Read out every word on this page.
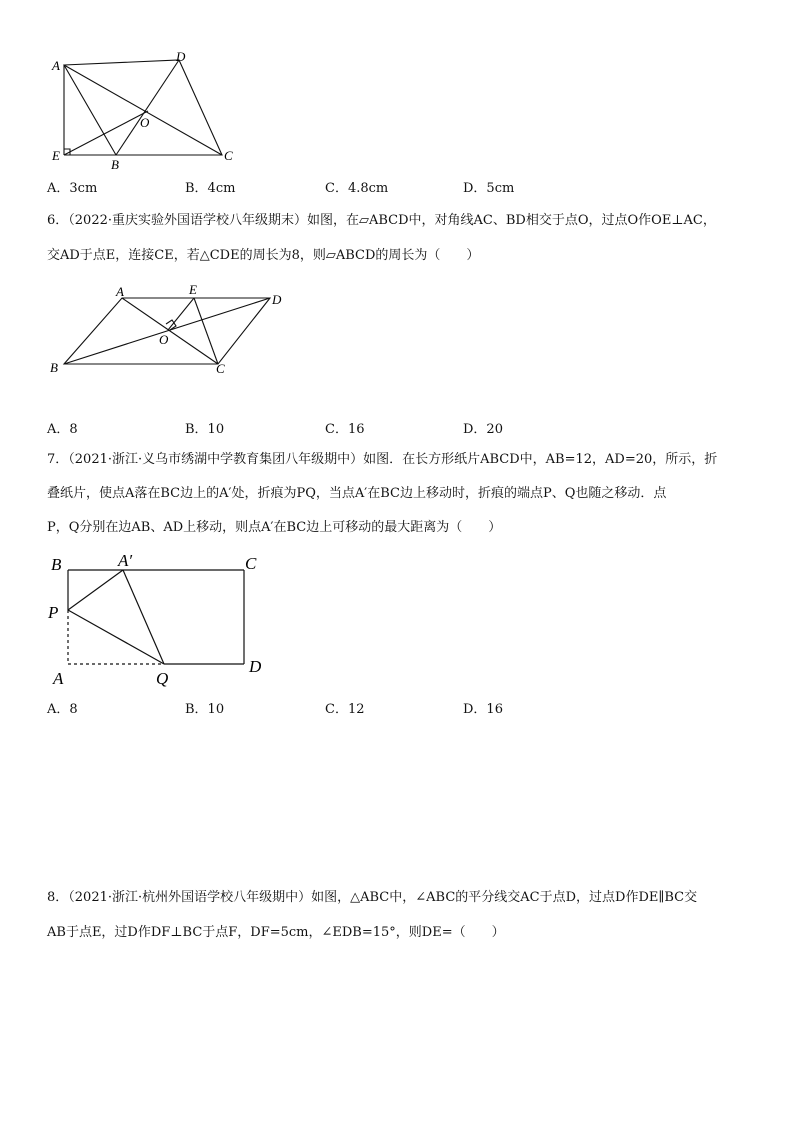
A
D
O
E
B
C
A．3cm	B．4cm	C．4.8cm	D．5cm
6．（2022·重庆实验外国语学校八年级期末）如图，在▱ABCD中，对角线AC、BD相交于点O，过点O作OE⊥AC，
交AD于点E，连接CE，若△CDE的周长为8，则▱ABCD的周长为（　　）
A	E
D
O
B	C
A．8	B．10	C．16	D．20
7．（2021·浙江·义乌市绣湖中学教育集团八年级期中）如图．在长方形纸片ABCD中，AB=12，AD=20，所示，折
叠纸片，使点A落在BC边上的A′处，折痕为PQ，当点A′在BC边上移动时，折痕的端点P、Q也随之移动．点
P，Q分别在边AB、AD上移动，则点A′在BC边上可移动的最大距离为（　　）
B	A′	C
P
D
A	Q
A．8	B．10	C．12	D．16
8．（2021·浙江·杭州外国语学校八年级期中）如图，△ABC中，∠ABC的平分线交AC于点D，过点D作DE∥BC交
AB于点E，过D作DF⊥BC于点F，DF=5cm，∠EDB=15°，则DE=（　　）
